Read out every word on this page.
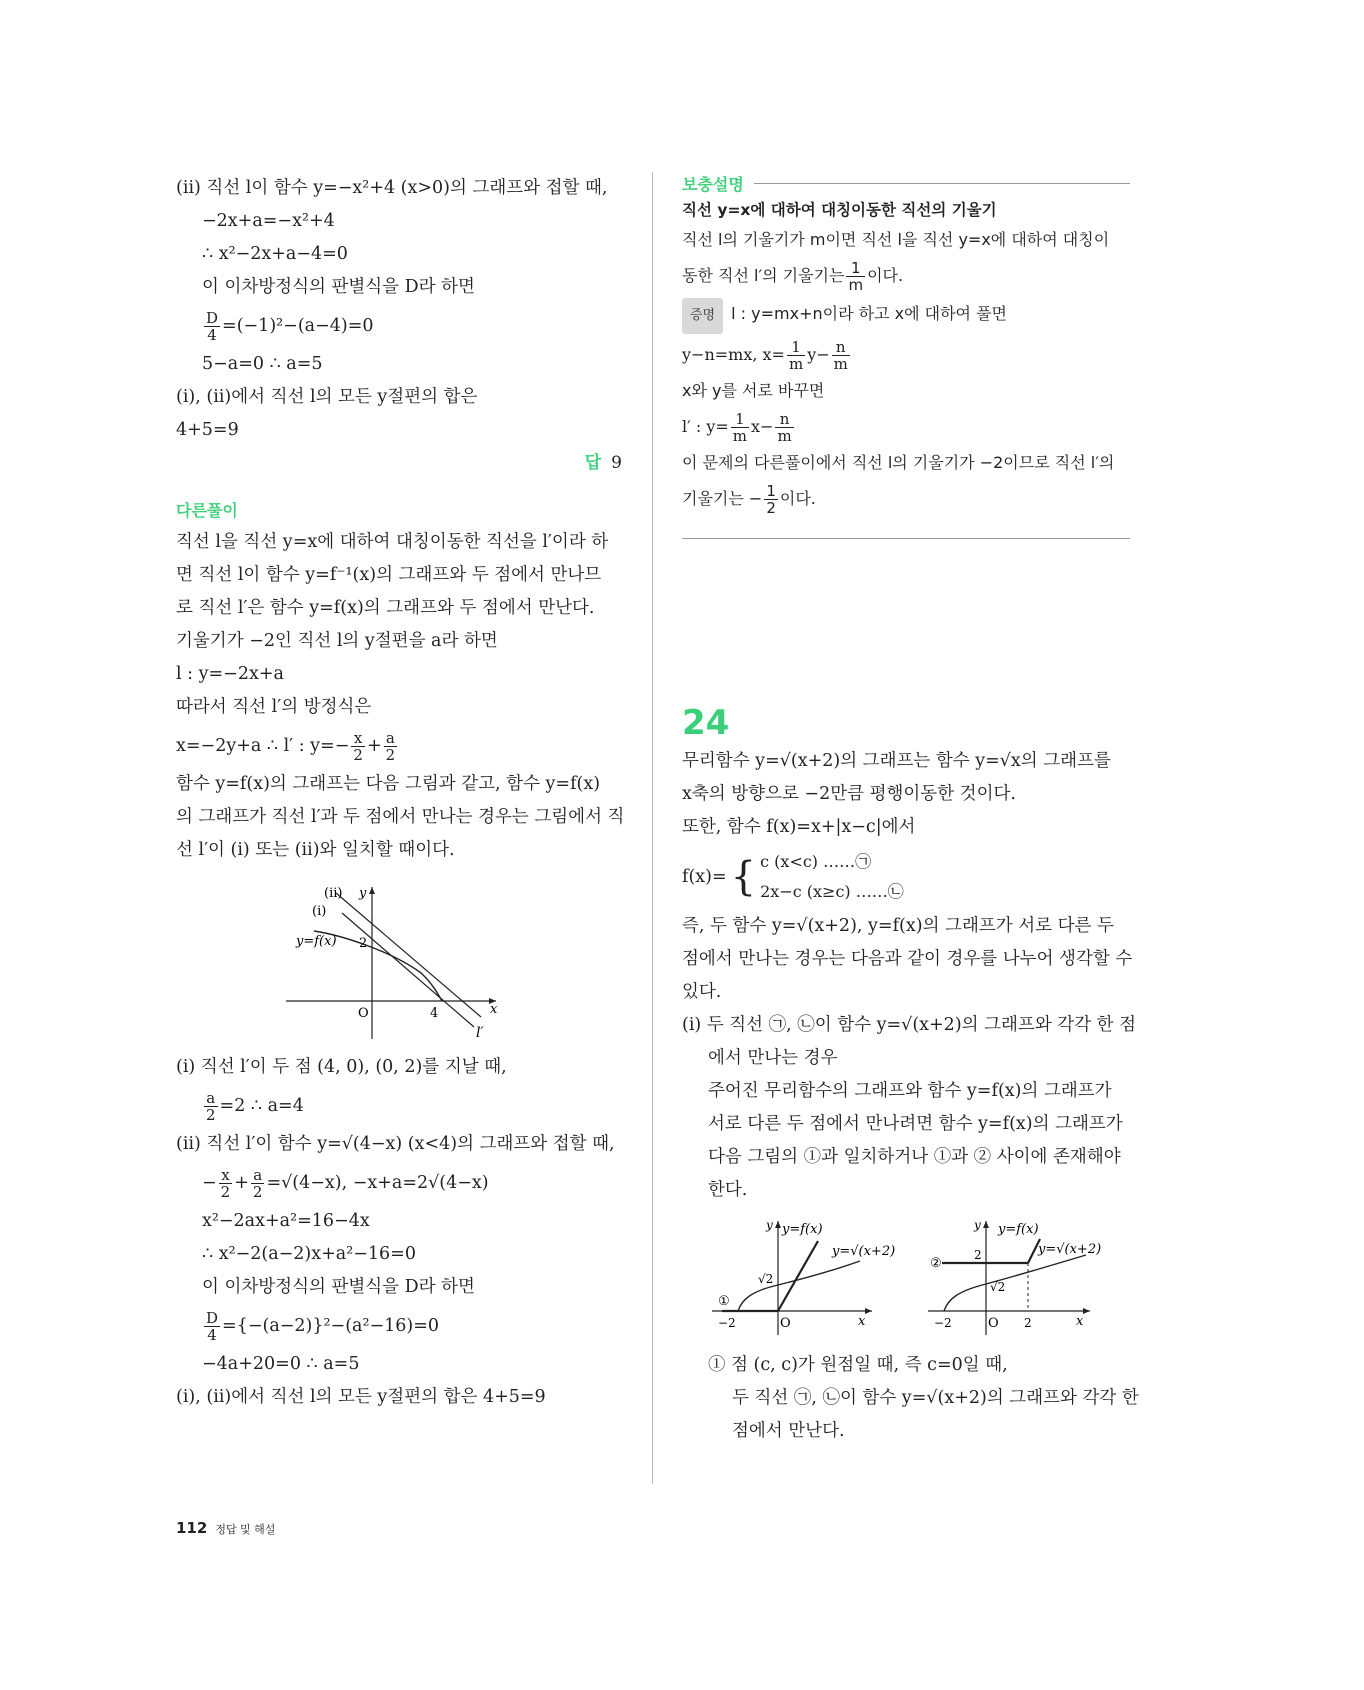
(ⅱ) 직선 l이 함수 y=−x²+4 (x>0)의 그래프와 접할 때,
−2x+a=−x²+4
∴ x²−2x+a−4=0
이 이차방정식의 판별식을 D라 하면
$\frac{D}{4} =(-1)^2-(a-4)=0$
5−a=0 ∴ a=5
(ⅰ), (ⅱ)에서 직선 l의 모든 y절편의 합은
4+5=9
답 9
다른풀이
직선 l을 직선 y=x에 대하여 대칭이동한 직선을 l′이라 하
면 직선 l이 함수 y=f⁻¹(x)의 그래프와 두 점에서 만나므
로 직선 l′은 함수 y=f(x)의 그래프와 두 점에서 만난다.
기울기가 −2인 직선 l의 y절편을 a라 하면
l : y=−2x+a
따라서 직선 l′의 방정식은
x=−2y+a ∴ l′ : $y=- \frac{x}{2} + \frac{a}{2}$
함수 y=f(x)의 그래프는 다음 그림과 같고, 함수 y=f(x)
의 그래프가 직선 l′과 두 점에서 만나는 경우는 그림에서 직
선 l′이 (ⅰ) 또는 (ⅱ)와 일치할 때이다.
(ⅱ)
(ⅰ)
y
y=f(x) 2
O	4	x
l′
(ⅰ) 직선 l′이 두 점 (4, 0), (0, 2)를 지날 때,
$\frac{a}{2} =2$ ∴ a=4
(ⅱ) 직선 l′이 함수 y=√(4−x) (x<4)의 그래프와 접할 때,
− $\frac{x}{2} + \frac{a}{2} =√(4-x)$, −x+a=2√(4−x)
x²−2ax+a²=16−4x
∴ x²−2(a−2)x+a²−16=0
이 이차방정식의 판별식을 D라 하면
$\frac{D}{4} =\{-(a-2)\}^2-(a^2-16)=0$
−4a+20=0 ∴ a=5
(ⅰ), (ⅱ)에서 직선 l의 모든 y절편의 합은 4+5=9
보충설명
직선 y=x에 대하여 대칭이동한 직선의 기울기
직선 l의 기울기가 m이면 직선 l을 직선 y=x에 대하여 대칭이
동한 직선 l′의 기울기는 $\frac{1}{m}$ 이다.
증명 l : y=mx+n이라 하고 x에 대하여 풀면
y−n=mx, $x= \frac{1}{m} y- \frac{n}{m}$
x와 y를 서로 바꾸면
l′ : $y= \frac{1}{m} x- \frac{n}{m}$
이 문제의 다른풀이에서 직선 l의 기울기가 −2이므로 직선 l′의
기울기는 − $\frac{1}{2}$ 이다.
24
무리함수 y=√(x+2)의 그래프는 함수 y=√x의 그래프를
x축의 방향으로 −2만큼 평행이동한 것이다.
또한, 함수 f(x)=x+|x−c|에서
f(x)= { c (x<c) ……㉠
2x−c (x≥c) ……㉡
즉, 두 함수 y=√(x+2), y=f(x)의 그래프가 서로 다른 두
점에서 만나는 경우는 다음과 같이 경우를 나누어 생각할 수
있다.
(ⅰ) 두 직선 ㉠, ㉡이 함수 y=√(x+2)의 그래프와 각각 한 점
에서 만나는 경우
주어진 무리함수의 그래프와 함수 y=f(x)의 그래프가
서로 다른 두 점에서 만나려면 함수 y=f(x)의 그래프가
다음 그림의 ①과 일치하거나 ①과 ② 사이에 존재해야
한다.
y y=f(x)
y=√(x+2)
√2
①
−2	O	x
y y=f(x)
y=√(x+2)
②
2
√2
−2	O 2	x
① 점 (c, c)가 원점일 때, 즉 c=0일 때,
두 직선 ㉠, ㉡이 함수 y=√(x+2)의 그래프와 각각 한
점에서 만난다.
112 정답 및 해설
